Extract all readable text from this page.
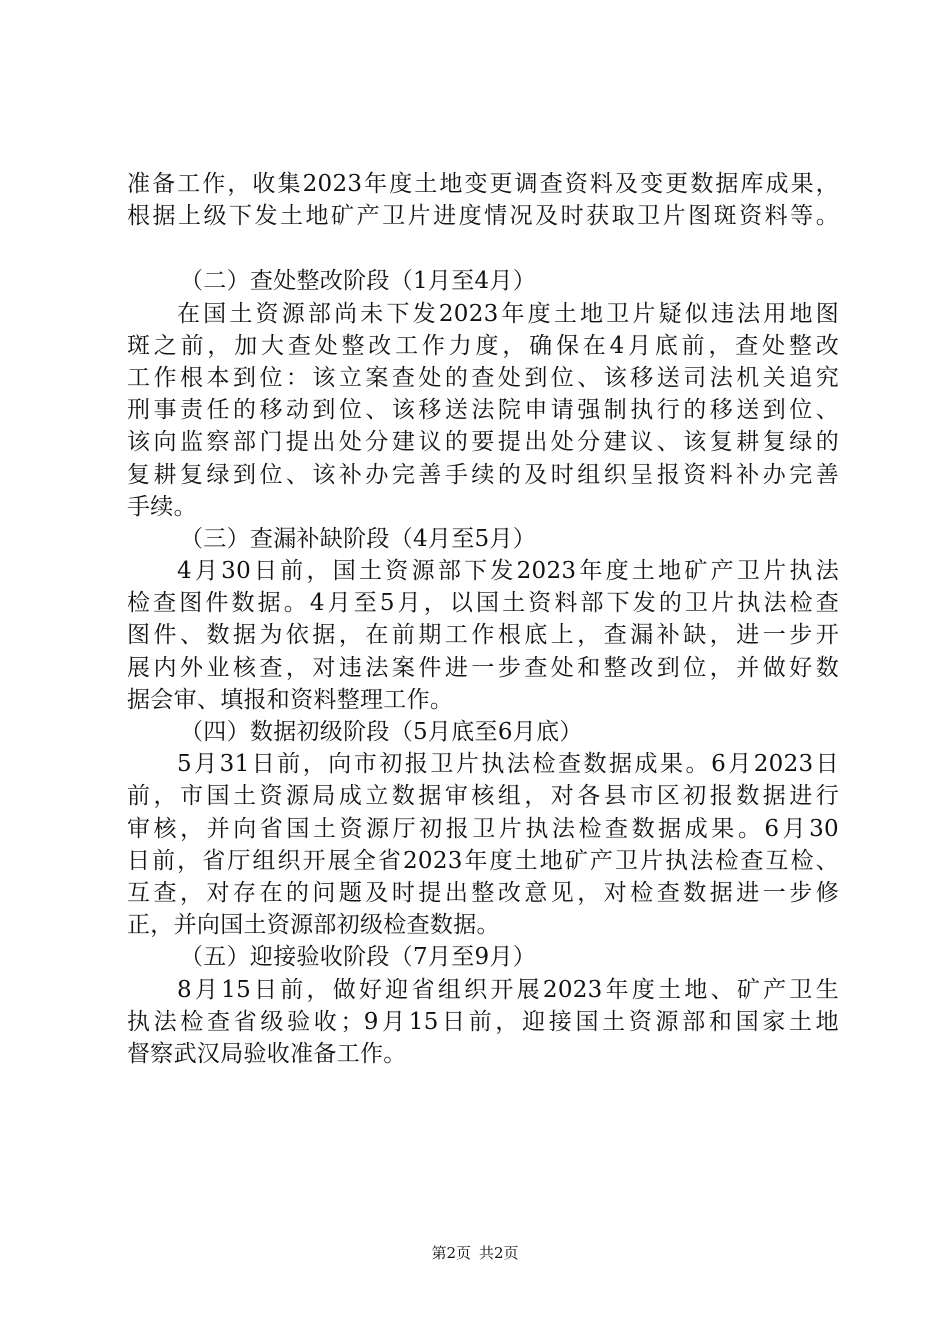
准备工作，收集2023年度土地变更调查资料及变更数据库成果，
根据上级下发土地矿产卫片进度情况及时获取卫片图斑资料等。
（二）查处整改阶段（1月至4月）
在国土资源部尚未下发2023年度土地卫片疑似违法用地图
斑之前，加大查处整改工作力度，确保在4月底前，查处整改
工作根本到位：该立案查处的查处到位、该移送司法机关追究
刑事责任的移动到位、该移送法院申请强制执行的移送到位、
该向监察部门提出处分建议的要提出处分建议、该复耕复绿的
复耕复绿到位、该补办完善手续的及时组织呈报资料补办完善
手续。
（三）查漏补缺阶段（4月至5月）
4月30日前，国土资源部下发2023年度土地矿产卫片执法
检查图件数据。4月至5月，以国土资料部下发的卫片执法检查
图件、数据为依据，在前期工作根底上，查漏补缺，进一步开
展内外业核查，对违法案件进一步查处和整改到位，并做好数
据会审、填报和资料整理工作。
（四）数据初级阶段（5月底至6月底）
5月31日前，向市初报卫片执法检查数据成果。6月2023日
前，市国土资源局成立数据审核组，对各县市区初报数据进行
审核，并向省国土资源厅初报卫片执法检查数据成果。6月30
日前，省厅组织开展全省2023年度土地矿产卫片执法检查互检、
互查，对存在的问题及时提出整改意见，对检查数据进一步修
正，并向国土资源部初级检查数据。
（五）迎接验收阶段（7月至9月）
8月15日前，做好迎省组织开展2023年度土地、矿产卫生
执法检查省级验收；9月15日前，迎接国土资源部和国家土地
督察武汉局验收准备工作。
第2页 共2页
